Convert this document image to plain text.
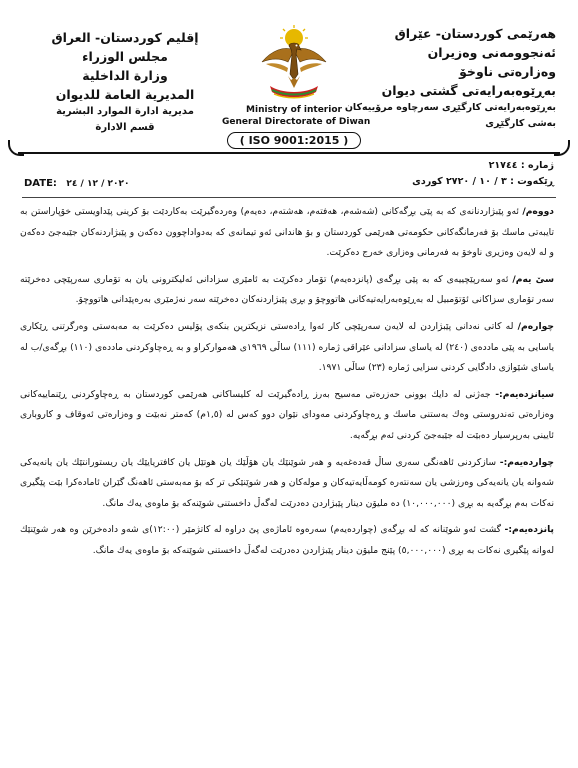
هەرێمی کوردستان- عێراق
ئەنجوومەنی وەزیران
وەزارەتی ناوخۆ
بەڕێوەبەرایەتی گشتی دیوان
بەڕێوەبەرایەتی کارگێڕی سەرچاوە مرۆییەکان
بەشی کارگێڕی
Ministry of interior
General Directorate of Diwan
( ISO 9001:2015 )
إقليم كوردستان- العراق
مجلس الوزراء
وزارة الداخلية
المديرية العامة للديوان
مديرية ادارة الموارد البشرية
قسم الادارة
ژمارە : ٢١٧٤٤
ڕێكەوت : ٣ / ١٠ / ٢٧٢٠ كوردی
DATE: ٢٠٢٠ / ١٢ / ٢٤

دووەم/ ئەو پێبژاردنانەی كە بە پێی بڕگەكانی (شەشەم، هەفتەم، هەشتەم، دەیەم) وەردەگیرێت بەكاردێت بۆ كرینی پێداویستی خۆپاراستن بە تایبەتی ماسك بۆ فەرمانگەكانی حكومەتی هەرێمی كوردستان و بۆ هاندانی ئەو تیمانەی كە بەدواداچوون دەكەن و پێبژاردنەكان جێبەجێ دەكەن و لە لایەن وەزیری ناوخۆ بە فەرمانی وەزاری خەرج دەكرێت.

سێ یەم/ ئەو سەرپێچییەی كە بە پێی بڕگەی (پانزدەیەم) تۆمار دەكرێت بە ئامێری سزادانی ئەلیكترونی یان بە تۆماری سەرپێچی دەخرێتە سەر تۆماری سزاكانی ئۆتۆمبیل لە بەڕێوەبەرایەتیەكانی هاتووچۆ و بڕی پێبژاردنەكان دەخرێتە سەر نەژمێری بەرەپێدانی هاتووچۆ.

چوارەم/ لە كاتی نەدانی پێبژاردن لە لایەن سەرپێچی كار ئەوا ڕادەستی نزیكترین بنكەی پۆلیس دەكرێت بە مەبەستی وەرگرتنی ڕێكاری یاسایی بە پێی ماددەی (٢٤٠) لە یاسای سزادانی عێراقی ژمارە (١١١) ساڵی ١٩٦٩ی هەمواركراو و بە ڕەچاوكردنی ماددەی (١١٠) بڕگەی/ب لە یاسای شێوازی دادگایی كردنی سزایی ژمارە (٢٣) ساڵی ١٩٧١.

سیانزدەیەم:- جەژنی لە دایك بوونی حەزرەتی مەسیح بەرز ڕادەگیرێت لە كلیساكانی هەرێمی كوردستان بە ڕەچاوكردنی ڕێنماییەكانی وەزارەتی تەندروستی وەك بەستنی ماسك و ڕەچاوكردنی مەودای نێوان دوو كەس لە (١,٥م) كەمتر نەبێت و وەزارەتی ئەوقاف و كاروباری ئایینی بەرپرسیار دەبێت لە جێبەجێ كردنی ئەم بڕگەیە.

چواردەیەم:- سازكردنی ئاهەنگی سەری ساڵ قەدەغەیە و هەر شوێنێك یان هۆڵێك یان هوتێل یان كافتریایێك یان ریستورانتێك یان یانەیەكی شەوانە یان یانەیەكی وەرزشی یان سەنتەرە كومەڵایەتیەكان و مولەكان و هەر شوێنێكی تر كە بۆ مەبەستی ئاهەنگ گێران ئامادەكرا بێت پێگیری نەكات بەم بڕگەیە بە بڕی (١٠,٠٠٠,٠٠٠) دە ملیۆن دینار پێبژاردن دەدرێت لەگەڵ داخستنی شوێنەكە بۆ ماوەی یەك مانگ.

پانزدەیەم:- گشت ئەو شوێنانە كە لە بڕگەی (چواردەیەم) سەرەوە ئاماژەی پێ دراوە لە كاتژمێر (١٢:٠٠)ی شەو دادەخرێن وە هەر شوێنێك لەوانە پێگیری نەكات بە بڕی (٥,٠٠٠,٠٠٠) پێنج ملیۆن دینار پێبژاردن دەدرێت لەگەڵ داخستنی شوێنەكە بۆ ماوەی یەك مانگ.
